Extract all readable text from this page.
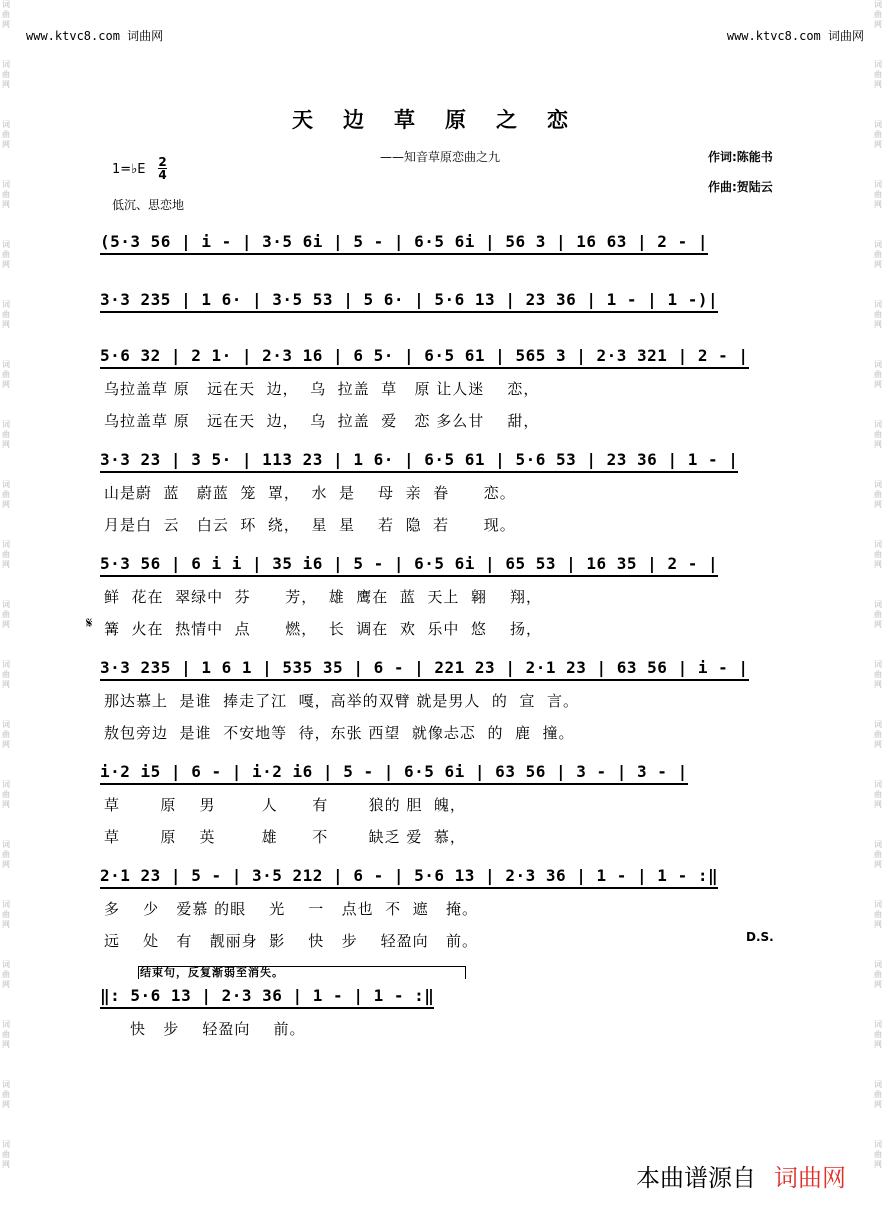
词曲网
词曲网
词曲网
词曲网
词曲网
词曲网
词曲网
词曲网
词曲网
词曲网
词曲网
词曲网
词曲网
词曲网
词曲网
词曲网
词曲网
词曲网
词曲网
词曲网
词曲网
词曲网
词曲网
词曲网
词曲网
词曲网
词曲网
词曲网
词曲网
词曲网
词曲网
词曲网
词曲网
词曲网
词曲网
词曲网
词曲网
词曲网
词曲网
词曲网
www.ktvc8.com 词曲网	www.ktvc8.com 词曲网
天边草原之恋
——知音草原恋曲之九	作词:陈能书
作曲:贺陆云
1=♭E 2
4
低沉、思恋地
(5·3 56 | i - | 3·5 6i | 5 - | 6·5 6i | 56 3 | 16 63 | 2 - |
3·3 235 | 1 6· | 3·5 53 | 5 6· | 5·6 13 | 23 36 | 1 - | 1 -)|
5·6 32 | 2 1· | 2·3 16 | 6 5· | 6·5 61 | 565 3 | 2·3 321 | 2 - |
乌拉盖草 原   远在天  边，  乌  拉盖  草   原 让人迷    恋，
乌拉盖草 原   远在天  边，  乌  拉盖  爱   恋 多么甘    甜，
3·3 23 | 3 5· | 113 23 | 1 6· | 6·5 61 | 5·6 53 | 23 36 | 1 - |
山是蔚  蓝   蔚蓝  笼  罩，  水  是    母  亲  眷      恋。
月是白  云   白云  环  绕，  星  星    若  隐  若      现。
5·3 56 | 6 i i | 35 i6 | 5 - | 6·5 6i | 65 53 | 16 35 | 2 - |
鲜  花在  翠绿中  芬      芳，  雄  鹰在  蓝  天上  翱    翔，
𝄋 篝  火在  热情中  点      燃，  长  调在  欢  乐中  悠    扬，
3·3 235 | 1 6 1 | 535 35 | 6 - | 221 23 | 2·1 23 | 63 56 | i - |
那达慕上  是谁  捧走了江  嘎，高举的双臂 就是男人  的  宣  言。
敖包旁边  是谁  不安地等  待，东张 西望  就像忐忑  的  鹿  撞。
i·2 i5 | 6 - | i·2 i6 | 5 - | 6·5 6i | 63 56 | 3 - | 3 - |
草       原    男        人      有       狼的 胆  魄，
草       原    英        雄      不       缺乏 爱  慕，
2·1 23 | 5 - | 3·5 212 | 6 - | 5·6 13 | 2·3 36 | 1 - | 1 - :‖
多    少   爱慕 的眼    光    一   点也  不  遮   掩。
远    处   有   靓丽身  影    快   步    轻盈向   前。	D.S.
结束句，反复渐弱至消失。
‖: 5·6 13 | 2·3 36 | 1 - | 1 - :‖
快   步    轻盈向    前。
本曲谱源自 词曲网
